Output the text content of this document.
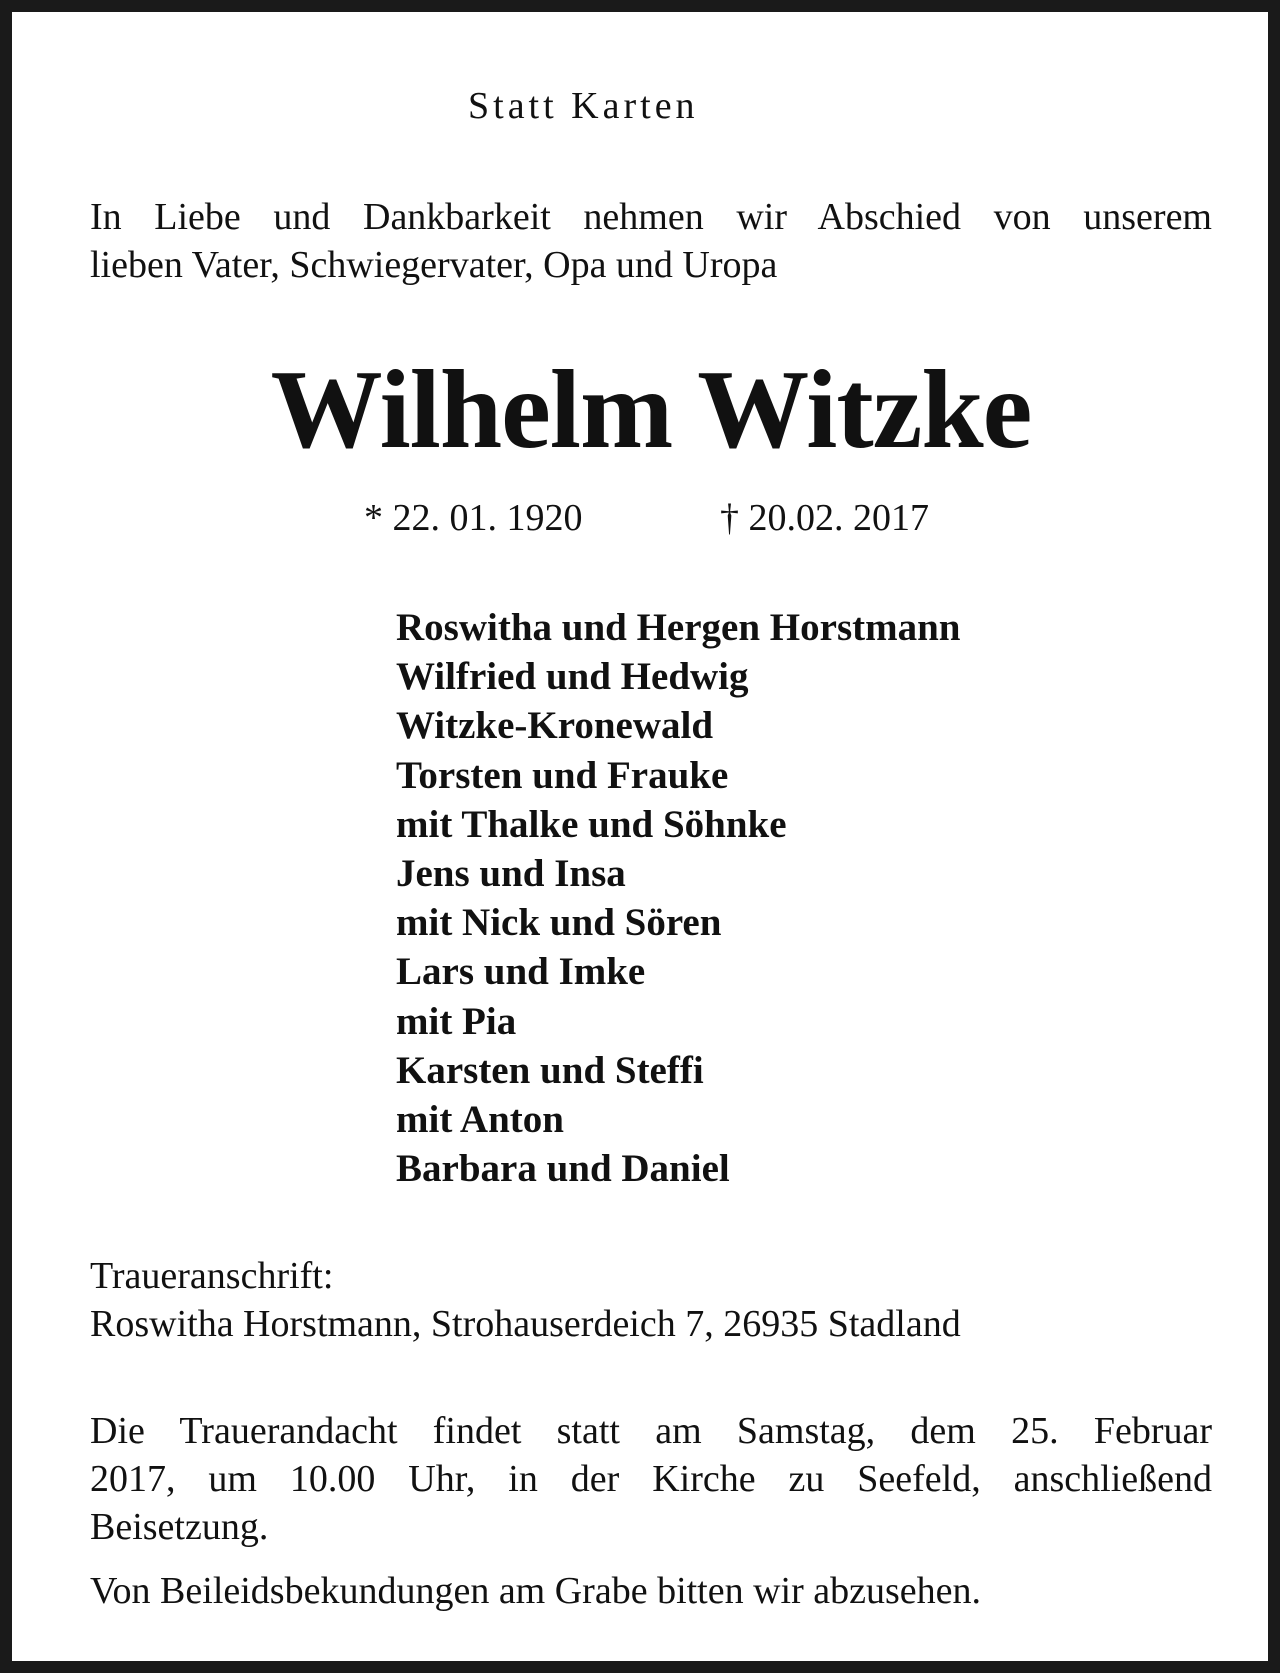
Statt Karten
In Liebe und Dankbarkeit nehmen wir Abschied von unserem
lieben Vater, Schwiegervater, Opa und Uropa
Wilhelm Witzke
* 22. 01. 1920	† 20.02. 2017
Roswitha und Hergen Horstmann
Wilfried und Hedwig
Witzke-Kronewald
Torsten und Frauke
mit Thalke und Söhnke
Jens und Insa
mit Nick und Sören
Lars und Imke
mit Pia
Karsten und Steffi
mit Anton
Barbara und Daniel
Traueranschrift:
Roswitha Horstmann, Strohauserdeich 7, 26935 Stadland
Die Trauerandacht findet statt am Samstag, dem 25. Februar
2017, um 10.00 Uhr, in der Kirche zu Seefeld, anschließend
Beisetzung.
Von Beileidsbekundungen am Grabe bitten wir abzusehen.
